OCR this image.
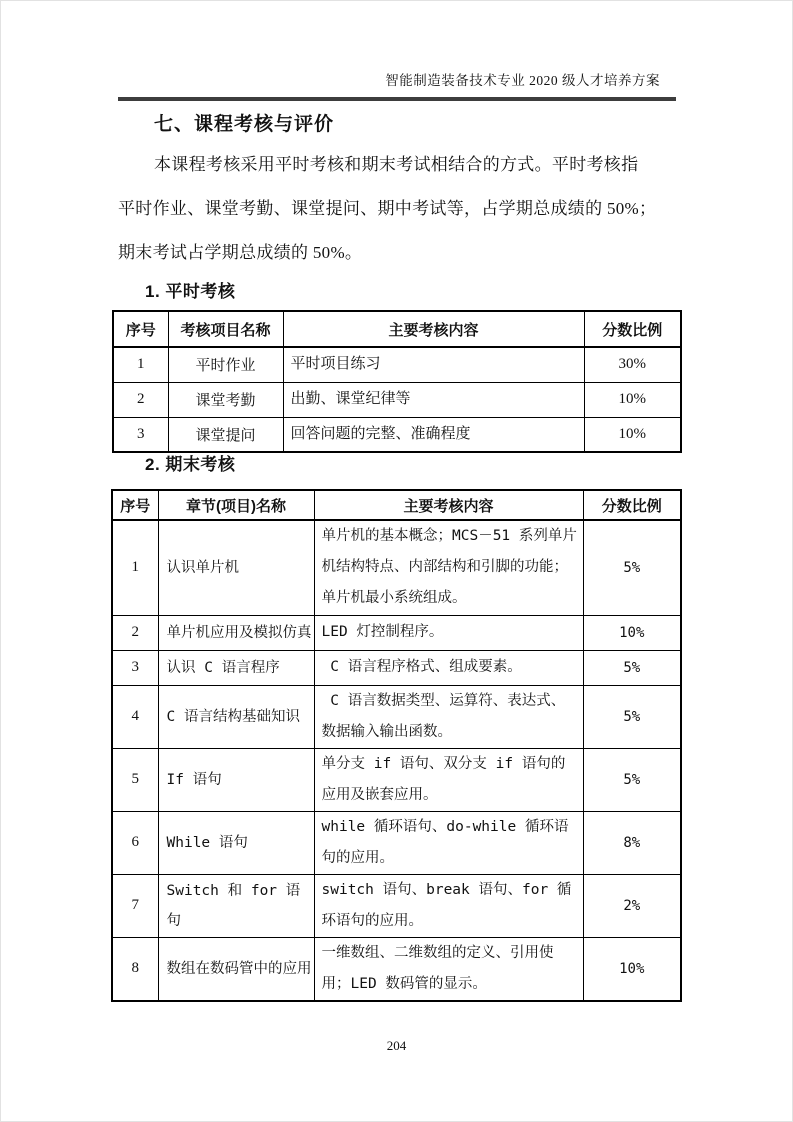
智能制造装备技术专业 2020 级人才培养方案
七、课程考核与评价
本课程考核采用平时考核和期末考试相结合的方式。平时考核指
平时作业、课堂考勤、课堂提问、期中考试等，占学期总成绩的 50%；
期末考试占学期总成绩的 50%。
1. 平时考核
序号	考核项目名称	主要考核内容	分数比例
1	平时作业	平时项目练习	30%
2	课堂考勤	出勤、课堂纪律等	10%
3	课堂提问	回答问题的完整、准确程度	10%
2. 期末考核
序号	章节(项目)名称	主要考核内容	分数比例
1	认识单片机	单片机的基本概念；MCS－51 系列单片机结构特点、内部结构和引脚的功能；单片机最小系统组成。	5%
2	单片机应用及模拟仿真	LED 灯控制程序。	10%
3	认识 C 语言程序	C 语言程序格式、组成要素。	5%
4	C 语言结构基础知识	C 语言数据类型、运算符、表达式、数据输入输出函数。	5%
5	If 语句	单分支 if 语句、双分支 if 语句的应用及嵌套应用。	5%
6	While 语句	while 循环语句、do-while 循环语句的应用。	8%
7	Switch 和 for 语句	switch 语句、break 语句、for 循环语句的应用。	2%
8	数组在数码管中的应用	一维数组、二维数组的定义、引用使用；LED 数码管的显示。	10%
204
